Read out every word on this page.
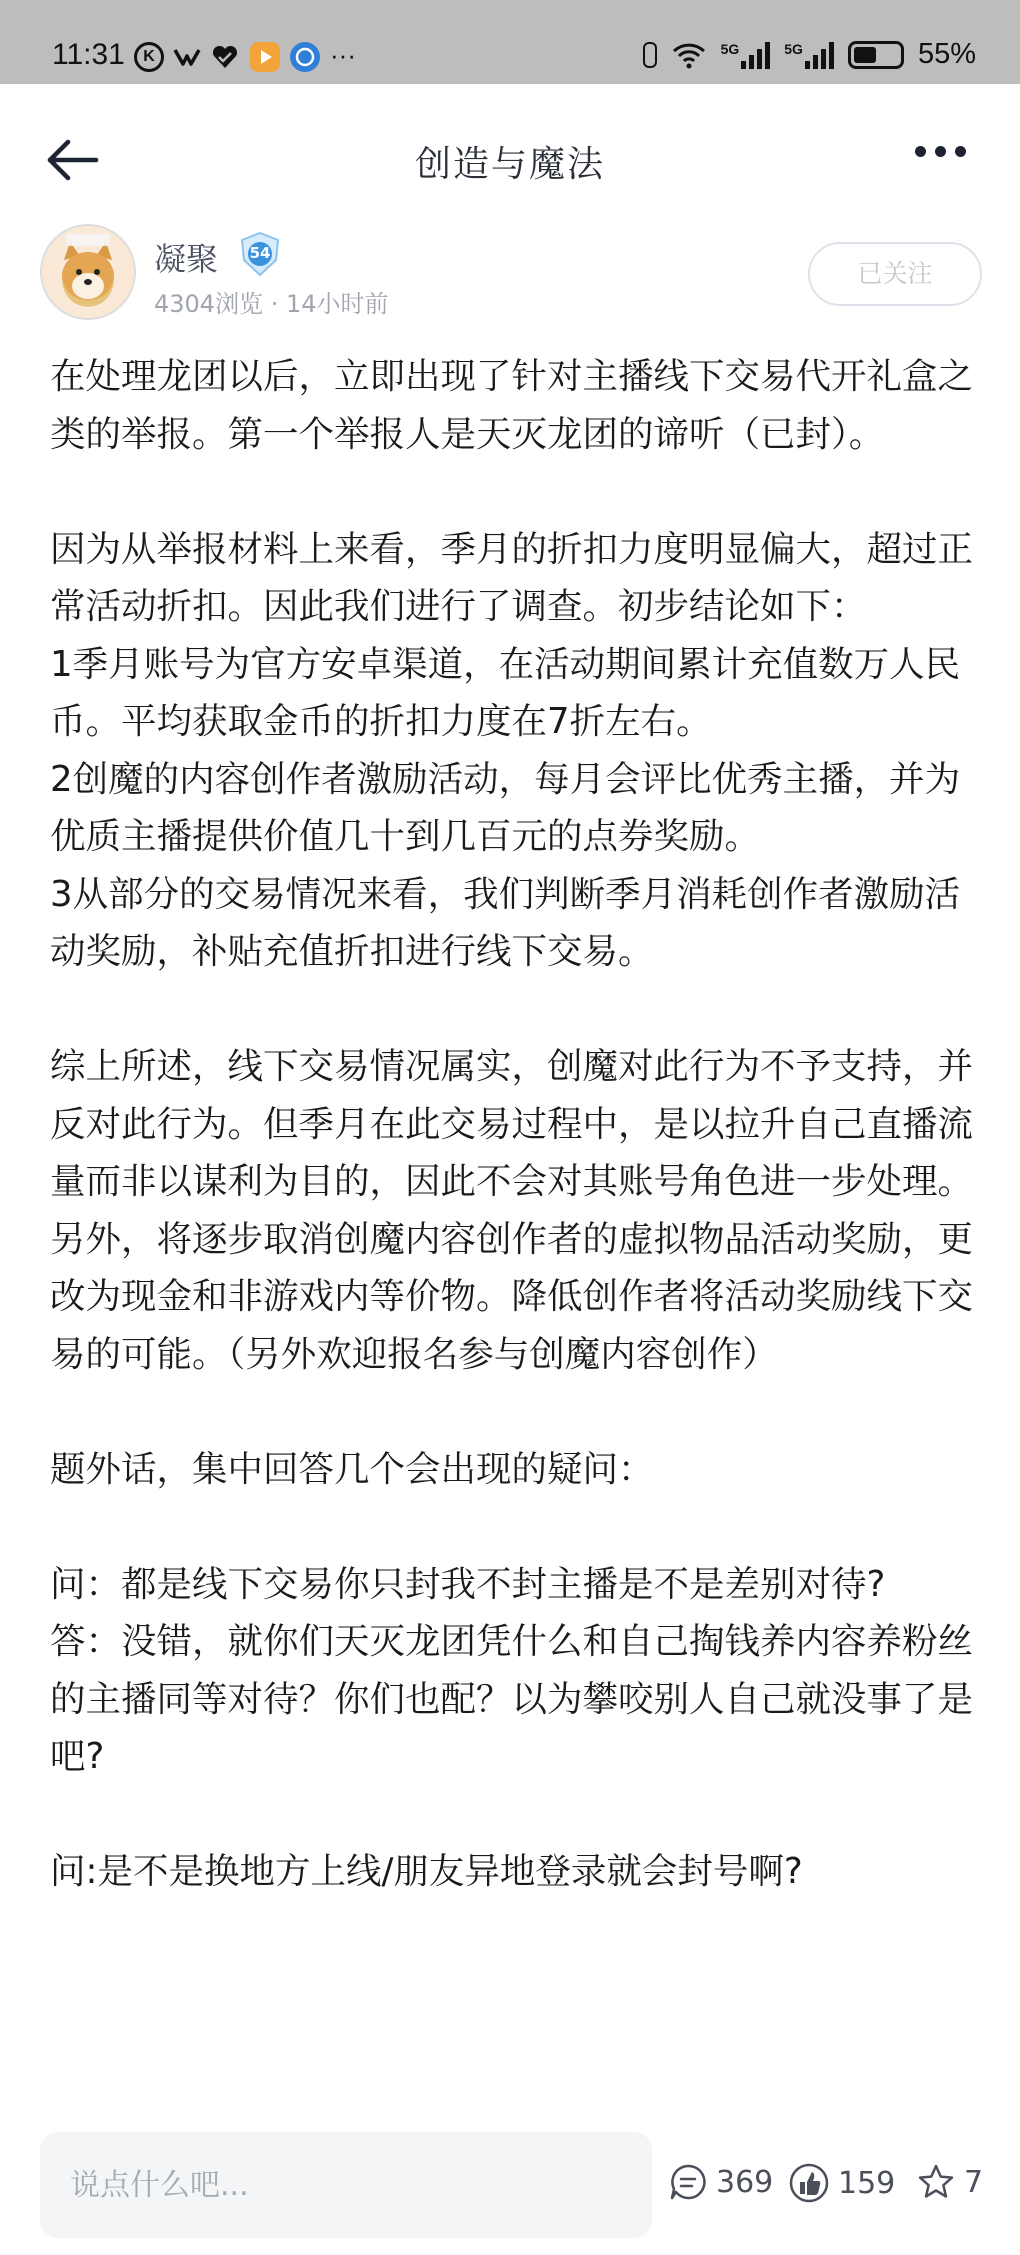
11:31	K	···	5G	5G	55%
创造与魔法
凝聚	54
4304浏览 · 14小时前
已关注

在处理龙团以后，立即出现了针对主播线下交易代开礼盒之类的举报。第一个举报人是天灭龙团的谛听（已封）。

因为从举报材料上来看，季月的折扣力度明显偏大，超过正常活动折扣。因此我们进行了调查。初步结论如下：

1季月账号为官方安卓渠道，在活动期间累计充值数万人民币。平均获取金币的折扣力度在7折左右。

2创魔的内容创作者激励活动，每月会评比优秀主播，并为优质主播提供价值几十到几百元的点券奖励。

3从部分的交易情况来看，我们判断季月消耗创作者激励活动奖励，补贴充值折扣进行线下交易。

综上所述，线下交易情况属实，创魔对此行为不予支持，并反对此行为。但季月在此交易过程中，是以拉升自己直播流量而非以谋利为目的，因此不会对其账号角色进一步处理。

另外，将逐步取消创魔内容创作者的虚拟物品活动奖励，更改为现金和非游戏内等价物。降低创作者将活动奖励线下交易的可能。（另外欢迎报名参与创魔内容创作）

题外话，集中回答几个会出现的疑问：

问：都是线下交易你只封我不封主播是不是差别对待?

答：没错，就你们天灭龙团凭什么和自己掏钱养内容养粉丝的主播同等对待？你们也配？以为攀咬别人自己就没事了是吧?

问:是不是换地方上线/朋友异地登录就会封号啊?

说点什么吧...
369 159 7
